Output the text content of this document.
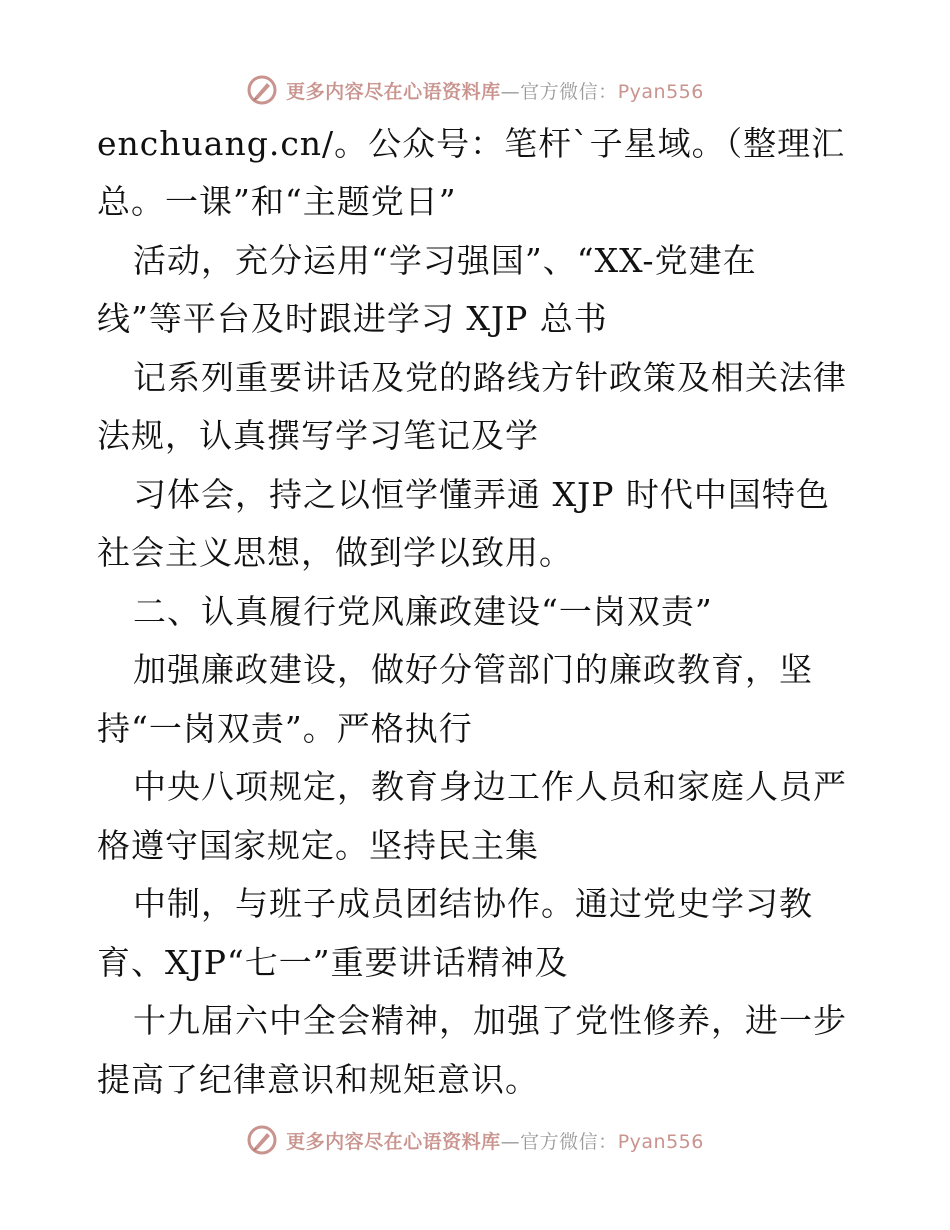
更多内容尽在心语资料库—官方微信：Pyan556
enchuang.cn/。公众号：笔杆`子星域。（整理汇
总。一课”和“主题党日”
活动，充分运用“学习强国”、“XX-党建在
线”等平台及时跟进学习 XJP 总书
记系列重要讲话及党的路线方针政策及相关法律
法规，认真撰写学习笔记及学
习体会，持之以恒学懂弄通 XJP 时代中国特色
社会主义思想，做到学以致用。
二、认真履行党风廉政建设“一岗双责”
加强廉政建设，做好分管部门的廉政教育，坚
持“一岗双责”。严格执行
中央八项规定，教育身边工作人员和家庭人员严
格遵守国家规定。坚持民主集
中制，与班子成员团结协作。通过党史学习教
育、XJP“七一”重要讲话精神及
十九届六中全会精神，加强了党性修养，进一步
提高了纪律意识和规矩意识。
更多内容尽在心语资料库—官方微信：Pyan556
